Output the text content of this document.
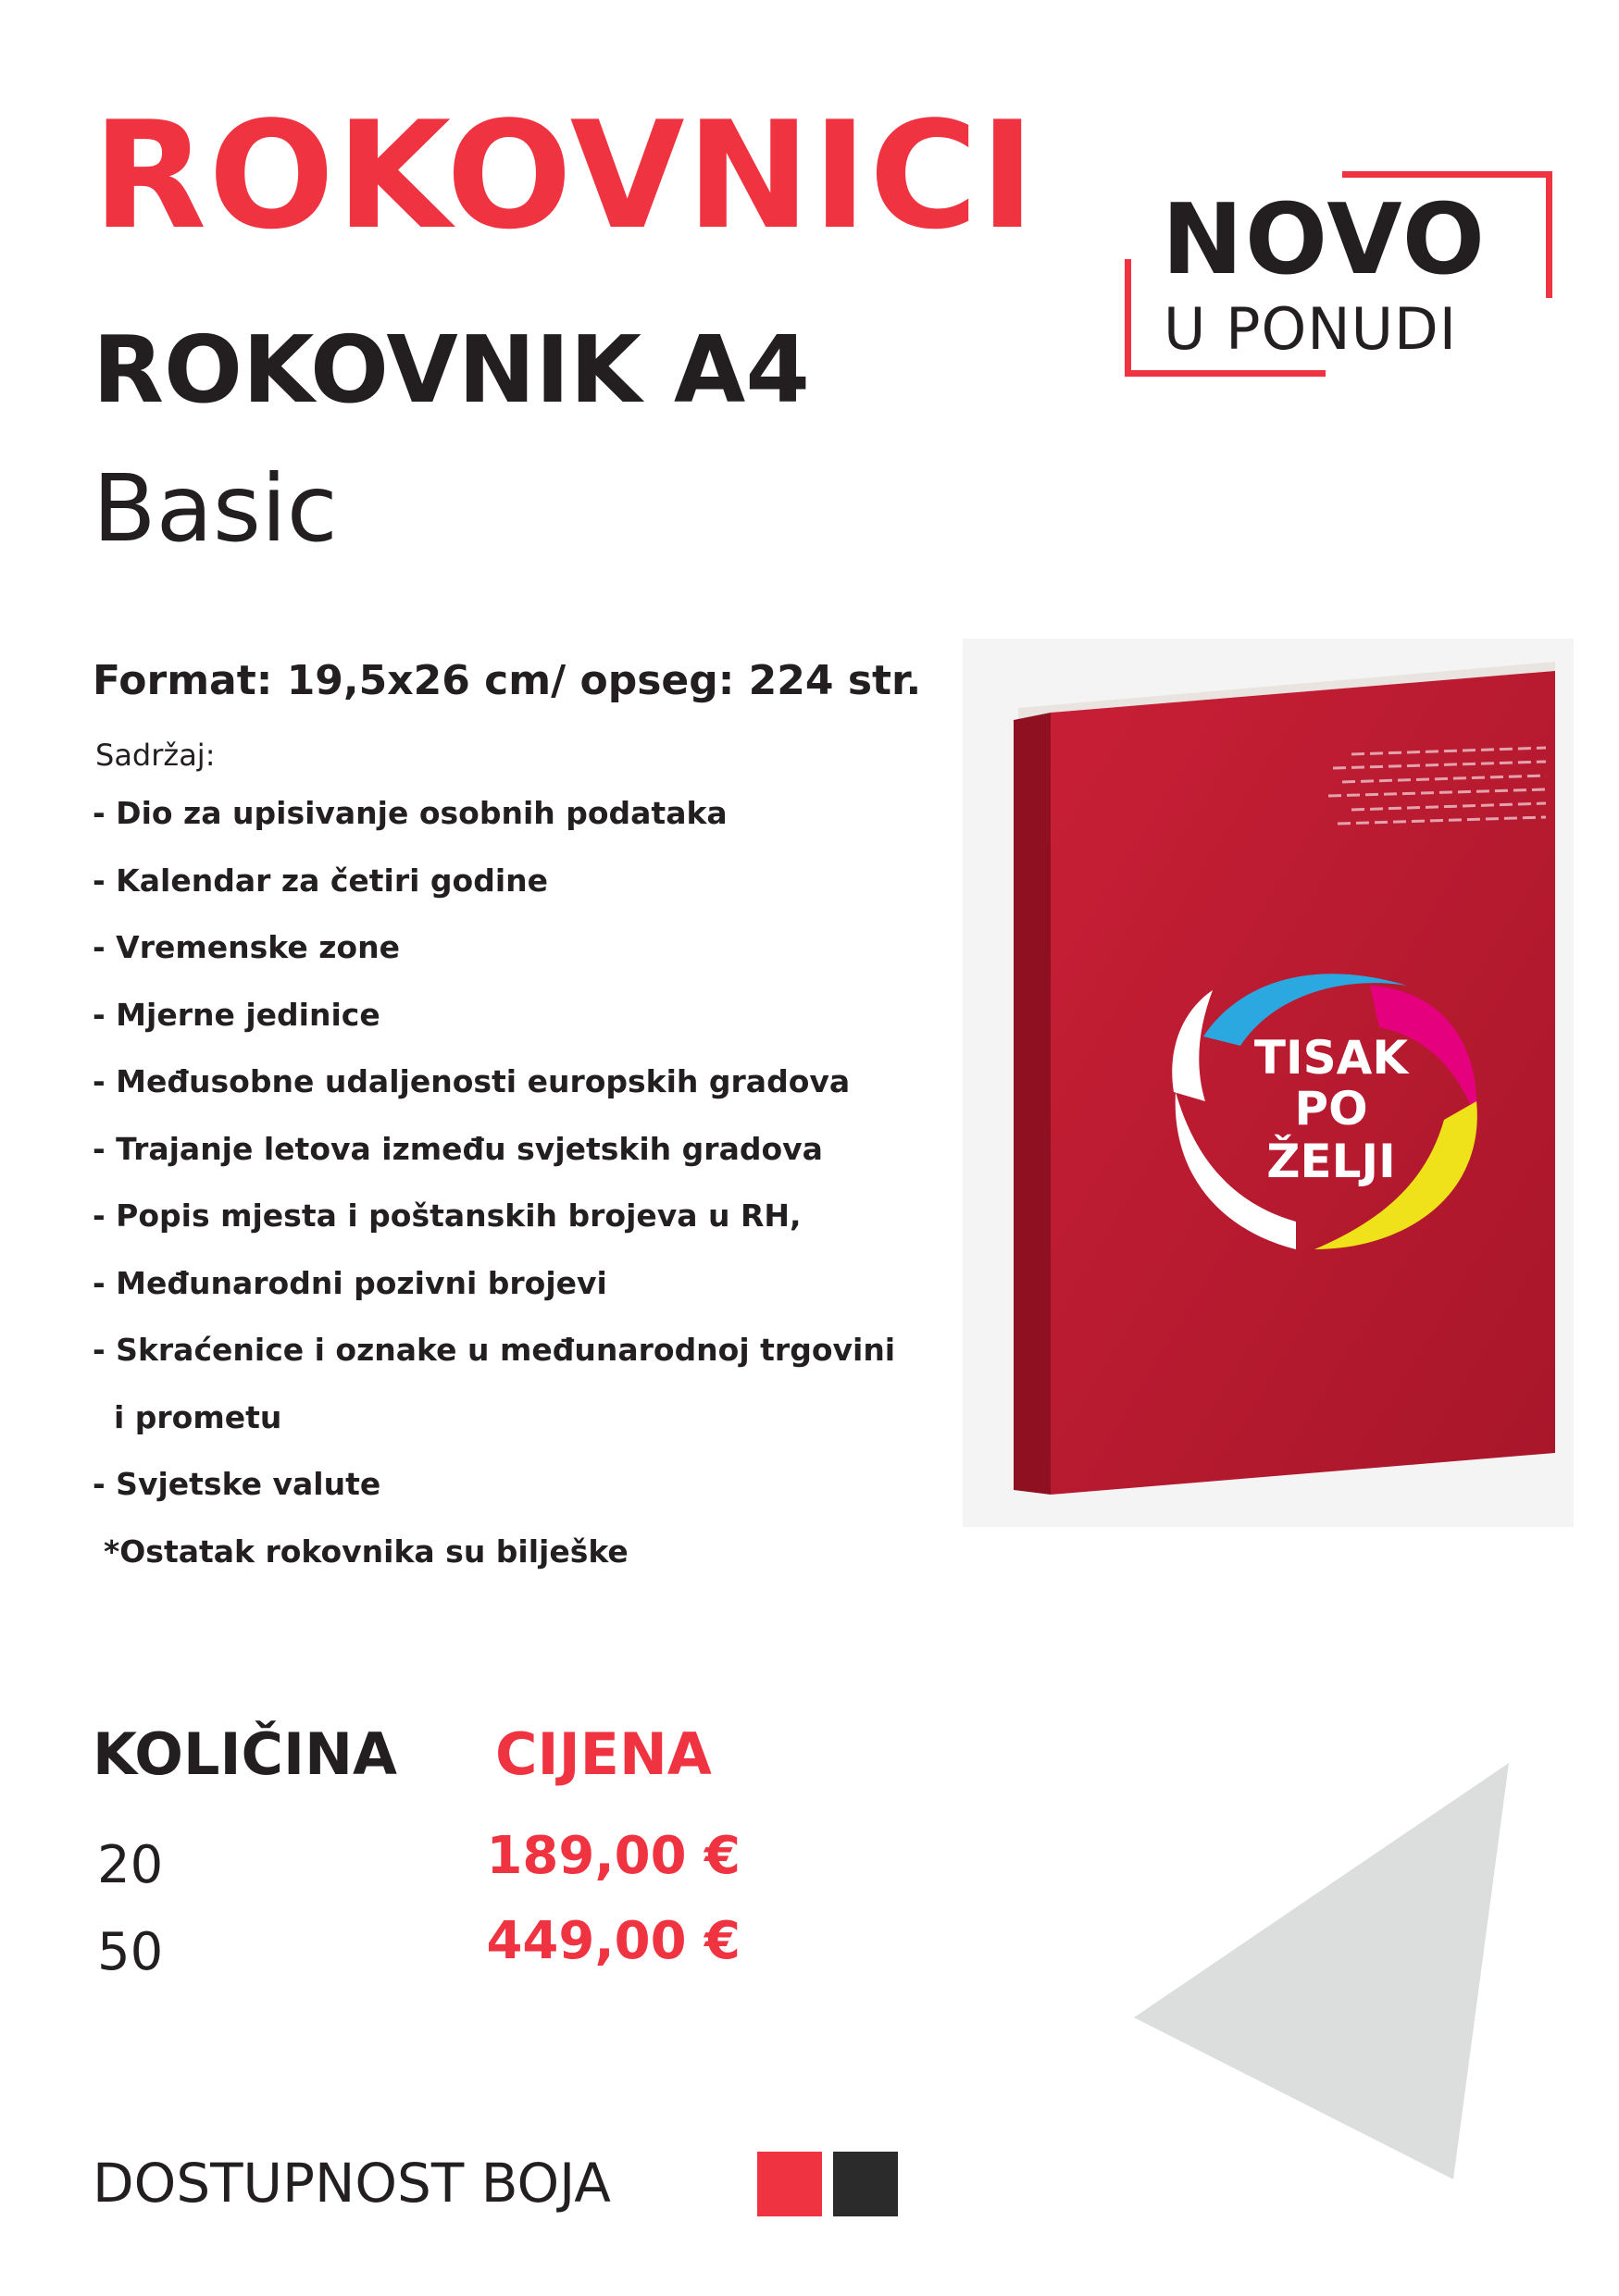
ROKOVNICI
ROKOVNIK A4
Basic
NOVO
U PONUDI
Format: 19,5x26 cm/ opseg: 224 str.
Sadržaj:
- Dio za upisivanje osobnih podataka
- Kalendar za četiri godine
- Vremenske zone
- Mjerne jedinice
- Međusobne udaljenosti europskih gradova
- Trajanje letova između svjetskih gradova
- Popis mjesta i poštanskih brojeva u RH,
- Međunarodni pozivni brojevi
- Skraćenice i oznake u međunarodnoj trgovini
i prometu
- Svjetske valute
*Ostatak rokovnika su bilješke
TISAK
PO
ŽELJI
KOLIČINA CIJENA
20	189,00 €
50	449,00 €
DOSTUPNOST BOJA
